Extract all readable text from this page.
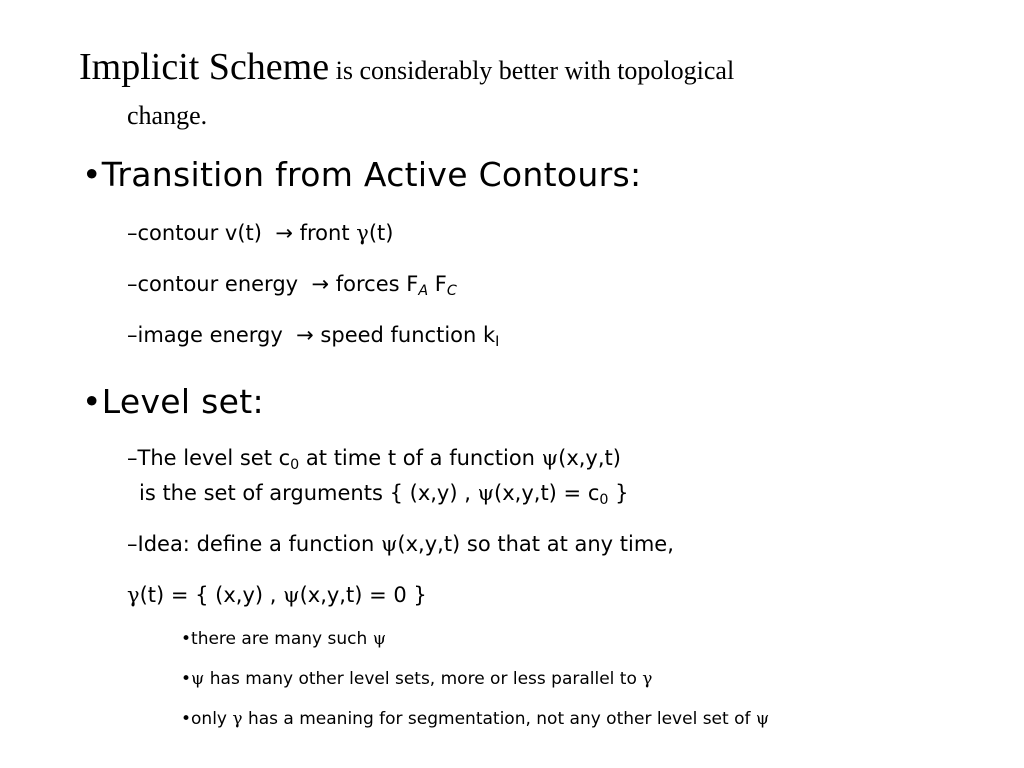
Implicit Scheme is considerably better with topological
change.
•Transition from Active Contours:
–contour v(t) → front γ(t)
–contour energy → forces $F_A$ $F_C$
–image energy → speed function $k_I$
•Level set:
–The level set $c_0$ at time t of a function ψ(x,y,t)
is the set of arguments { (x,y) , $\psi(x,y,t) = c_0$ }
–Idea: define a function ψ(x,y,t) so that at any time,
γ(t) = { (x,y) , ψ(x,y,t) = 0 }
•there are many such ψ
•ψ has many other level sets, more or less parallel to γ
•only γ has a meaning for segmentation, not any other level set of ψ
